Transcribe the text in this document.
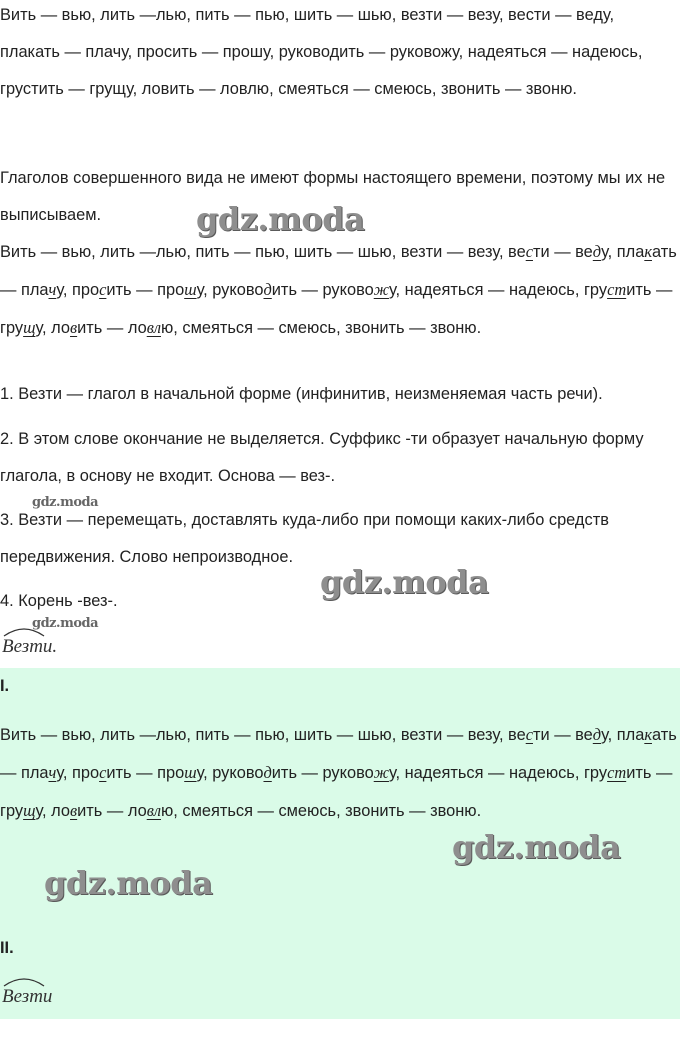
Вить — вью, лить —лью, пить — пью, шить — шью, везти — везу, вести — веду, плакать — плачу, просить — прошу, руководить — руковожу, надеяться — надеюсь, грустить — грущу, ловить — ловлю, смеяться — смеюсь, звонить — звоню.

Глаголов совершенного вида не имеют формы настоящего времени, поэтому мы их не выписываем.

Вить — вью, лить —лью, пить — пью, шить — шью, везти — везу, вести — веду, плакать — плачу, просить — прошу, руководить — руковожу, надеяться — надеюсь, грустить — грущу, ловить — ловлю, смеяться — смеюсь, звонить — звоню.

1. Везти — глагол в начальной форме (инфинитив, неизменяемая часть речи).

2. В этом слове окончание не выделяется. Суффикс -ти образует начальную форму глагола, в основу не входит. Основа — вез-.

3. Везти — перемещать, доставлять куда-либо при помощи каких-либо средств передвижения. Слово непроизводное.

4. Корень -вез-.

Везти.

I.

Вить — вью, лить —лью, пить — пью, шить — шью, везти — везу, вести — веду, плакать — плачу, просить — прошу, руководить — руковожу, надеяться — надеюсь, грустить — грущу, ловить — ловлю, смеяться — смеюсь, звонить — звоню.

II.

Везти
gdz.moda
gdz.moda
gdz.moda
gdz.moda
gdz.moda
gdz.moda
